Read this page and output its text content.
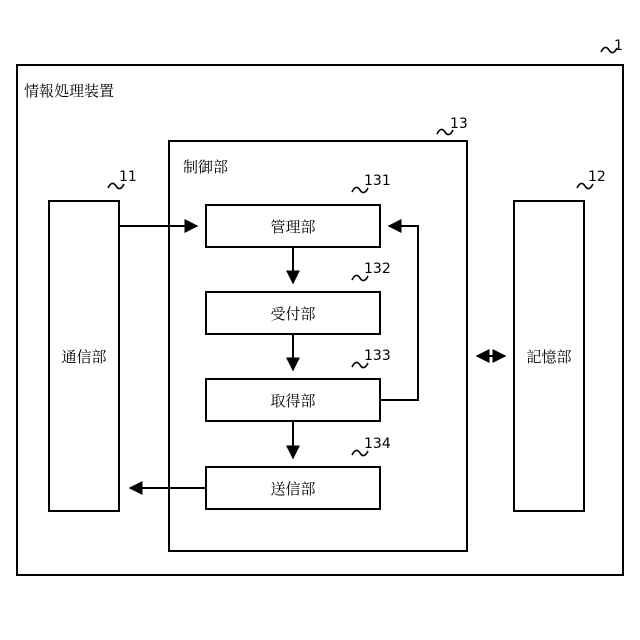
情報処理装置
1
通信部
11
記憶部
12
制御部
13
管理部
131
受付部
132
取得部
133
送信部
134
